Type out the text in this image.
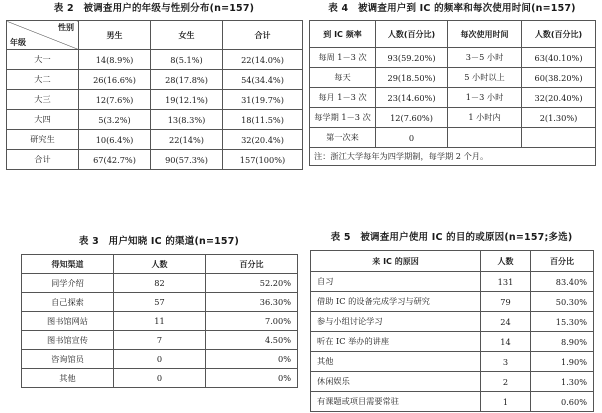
表 2　被调查用户的年级与性别分布(n=157)
性别
年级	男生	女生	合计
大一	14(8.9%)	8(5.1%)	22(14.0%)
大二	26(16.6%)	28(17.8%)	54(34.4%)
大三	12(7.6%)	19(12.1%)	31(19.7%)
大四	5(3.2%)	13(8.3%)	18(11.5%)
研究生	10(6.4%)	22(14%)	32(20.4%)
合计	67(42.7%)	90(57.3%)	157(100%)
表 4　被调查用户到 IC 的频率和每次使用时间(n=157)
到 IC 频率	人数(百分比)	每次使用时间	人数(百分比)
每周 1－3 次	93(59.20%)	3－5 小时	63(40.10%)
每天	29(18.50%)	5 小时以上	60(38.20%)
每月 1－3 次	23(14.60%)	1－3 小时	32(20.40%)
每学期 1－3 次	12(7.60%)	1 小时内	2(1.30%)
第一次来	0		
注：浙江大学每年为四学期制，每学期 2 个月。			
表 3　用户知晓 IC 的渠道(n=157)
得知渠道	人数	百分比
同学介绍	82	52.20%
自己探索	57	36.30%
图书馆网站	11	7.00%
图书馆宣传	7	4.50%
咨询馆员	0	0%
其他	0	0%
表 5　被调查用户使用 IC 的目的或原因(n=157;多选)
来 IC 的原因	人数	百分比
自习	131	83.40%
借助 IC 的设备完成学习与研究	79	50.30%
参与小组讨论学习	24	15.30%
听在 IC 举办的讲座	14	8.90%
其他	3	1.90%
休闲娱乐	2	1.30%
有课题或项目需要常驻	1	0.60%
